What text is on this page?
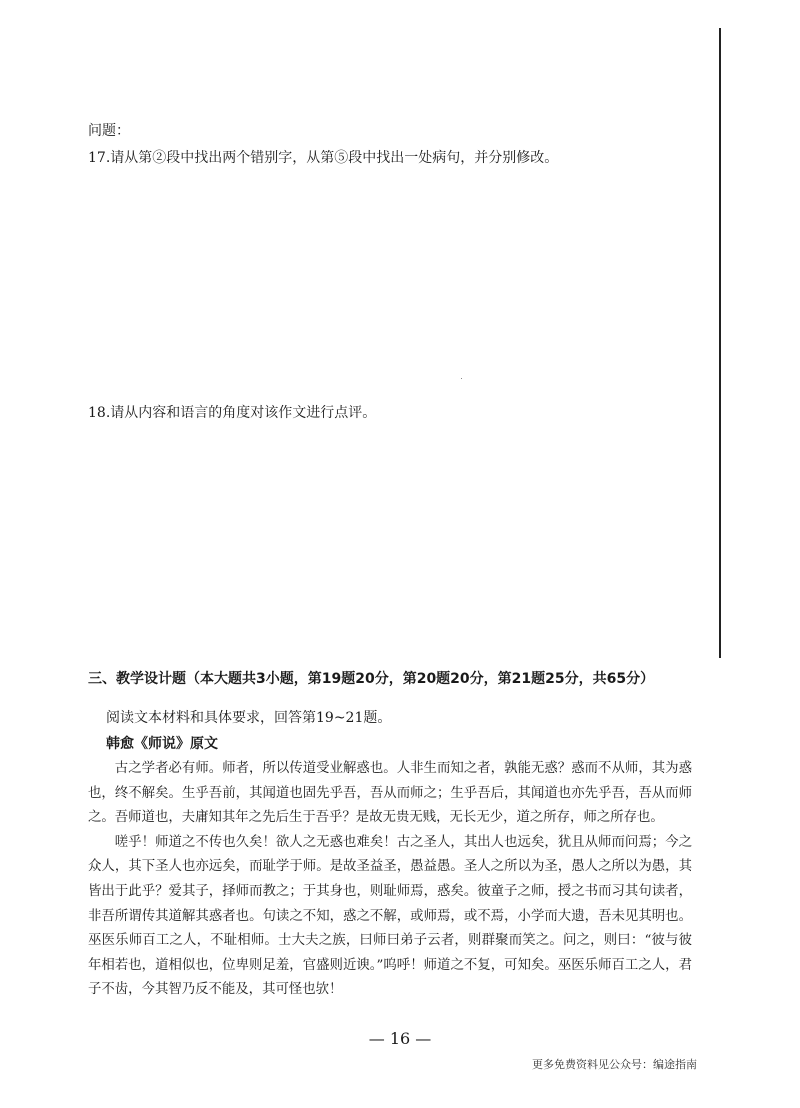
问题：
17.请从第②段中找出两个错别字，从第⑤段中找出一处病句，并分别修改。
18.请从内容和语言的角度对该作文进行点评。
三、教学设计题（本大题共3小题，第19题20分，第20题20分，第21题25分，共65分）
阅读文本材料和具体要求，回答第19~21题。
韩愈《师说》原文

古之学者必有师。师者，所以传道受业解惑也。人非生而知之者，孰能无惑？惑而不从师，其为惑也，终不解矣。生乎吾前，其闻道也固先乎吾，吾从而师之；生乎吾后，其闻道也亦先乎吾，吾从而师之。吾师道也，夫庸知其年之先后生于吾乎？是故无贵无贱，无长无少，道之所存，师之所存也。

嗟乎！师道之不传也久矣！欲人之无惑也难矣！古之圣人，其出人也远矣，犹且从师而问焉；今之众人，其下圣人也亦远矣，而耻学于师。是故圣益圣，愚益愚。圣人之所以为圣，愚人之所以为愚，其皆出于此乎？爱其子，择师而教之；于其身也，则耻师焉，惑矣。彼童子之师，授之书而习其句读者，非吾所谓传其道解其惑者也。句读之不知，惑之不解，或师焉，或不焉，小学而大遗，吾未见其明也。巫医乐师百工之人，不耻相师。士大夫之族，曰师曰弟子云者，则群聚而笑之。问之，则曰：“彼与彼年相若也，道相似也，位卑则足羞，官盛则近谀。”呜呼！师道之不复，可知矣。巫医乐师百工之人，君子不齿，今其智乃反不能及，其可怪也欤！

— 16 —
更多免费资料见公众号：编途指南
